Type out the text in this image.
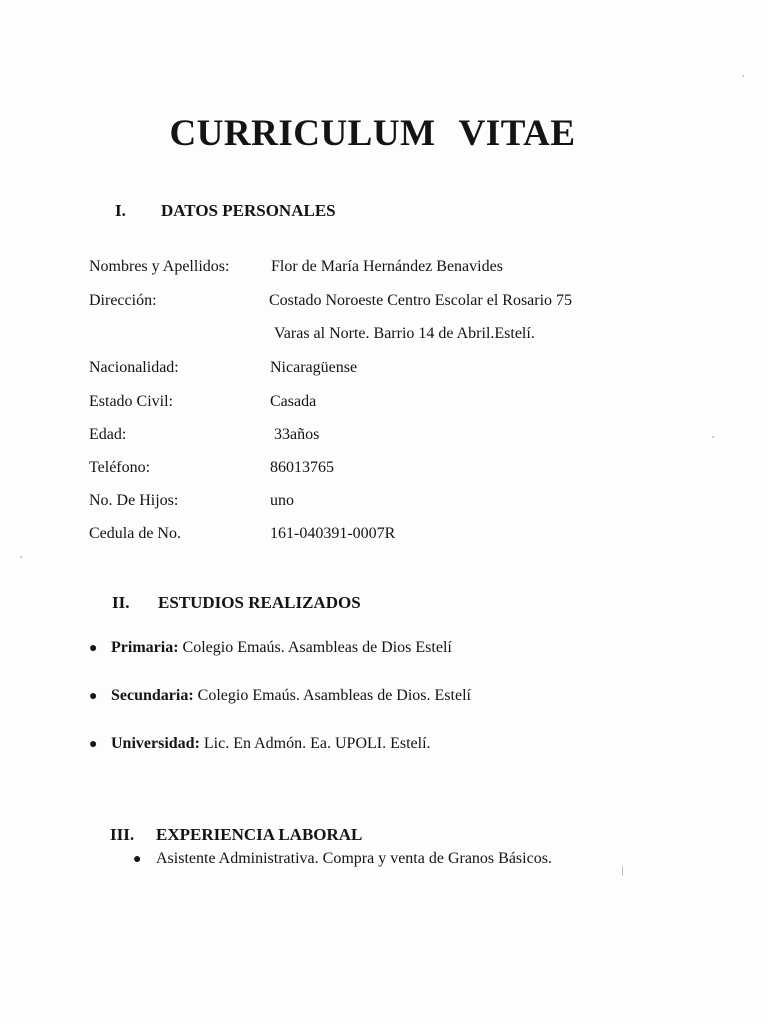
CURRICULUM VITAE
I. DATOS PERSONALES
Nombres y Apellidos:	Flor de María Hernández Benavides
Dirección:	Costado Noroeste Centro Escolar el Rosario 75
Varas al Norte. Barrio 14 de Abril.Estelí.
Nacionalidad:	Nicaragüense
Estado Civil:	Casada
Edad:	33años
Teléfono:	86013765
No. De Hijos:	uno
Cedula de No.	161-040391-0007R
II. ESTUDIOS REALIZADOS
● Primaria: Colegio Emaús. Asambleas de Dios Estelí
● Secundaria: Colegio Emaús. Asambleas de Dios. Estelí
● Universidad: Lic. En Admón. Ea. UPOLI. Estelí.
III. EXPERIENCIA LABORAL
● Asistente Administrativa. Compra y venta de Granos Básicos.
